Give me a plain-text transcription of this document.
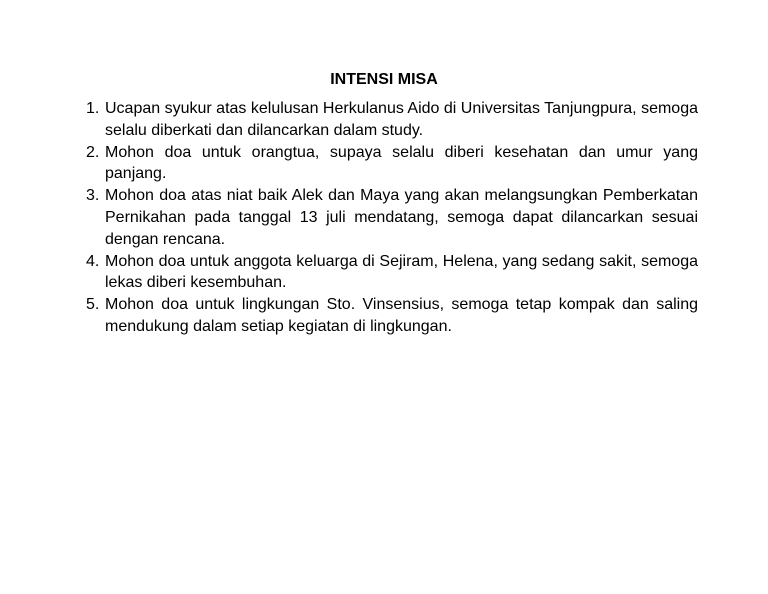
INTENSI MISA
1. Ucapan syukur atas kelulusan Herkulanus Aido di Universitas Tanjungpura, semoga selalu diberkati dan dilancarkan dalam study.
2. Mohon doa untuk orangtua, supaya selalu diberi kesehatan dan umur yang panjang.
3. Mohon doa atas niat baik Alek dan Maya yang akan melangsungkan Pemberkatan Pernikahan pada tanggal 13 juli mendatang, semoga dapat dilancarkan sesuai dengan rencana.
4. Mohon doa untuk anggota keluarga di Sejiram, Helena, yang sedang sakit, semoga lekas diberi kesembuhan.
5. Mohon doa untuk lingkungan Sto. Vinsensius, semoga tetap kompak dan saling mendukung dalam setiap kegiatan di lingkungan.
